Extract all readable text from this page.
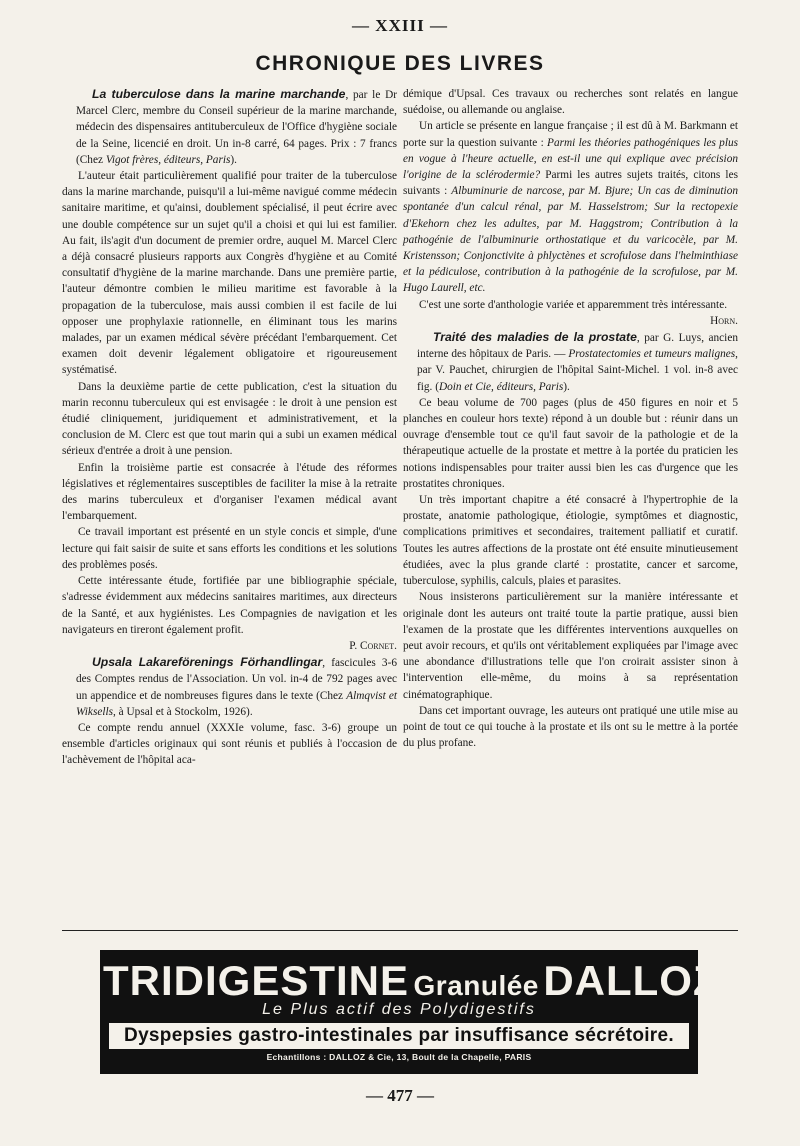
— XXIII —
CHRONIQUE DES LIVRES

La tuberculose dans la marine marchande, par le Dr Marcel Clerc, membre du Conseil supérieur de la marine marchande, médecin des dispensaires antituberculeux de l'Office d'hygiène sociale de la Seine, licencié en droit. Un in-8 carré, 64 pages. Prix : 7 francs (Chez Vigot frères, éditeurs, Paris).

L'auteur était particulièrement qualifié pour traiter de la tuberculose dans la marine marchande, puisqu'il a lui-même navigué comme médecin sanitaire maritime, et qu'ainsi, doublement spécialisé, il peut écrire avec une double compétence sur un sujet qu'il a choisi et qui lui est familier. Au fait, ils'agit d'un document de premier ordre, auquel M. Marcel Clerc a déjà consacré plusieurs rapports aux Congrès d'hygiène et au Comité consultatif d'hygiène de la marine marchande. Dans une première partie, l'auteur démontre combien le milieu maritime est favorable à la propagation de la tuberculose, mais aussi combien il est facile de lui opposer une prophylaxie rationnelle, en éliminant tous les marins malades, par un examen médical sévère précédant l'embarquement. Cet examen doit devenir légalement obligatoire et rigoureusement systématisé.

Dans la deuxième partie de cette publication, c'est la situation du marin reconnu tuberculeux qui est envisagée : le droit à une pension est étudié cliniquement, juridiquement et administrativement, et la conclusion de M. Clerc est que tout marin qui a subi un examen médical sérieux d'entrée a droit à une pension.

Enfin la troisième partie est consacrée à l'étude des réformes législatives et réglementaires susceptibles de faciliter la mise à la retraite des marins tuberculeux et d'organiser l'examen médical avant l'embarquement.

Ce travail important est présenté en un style concis et simple, d'une lecture qui fait saisir de suite et sans efforts les conditions et les solutions des problèmes posés.

Cette intéressante étude, fortifiée par une bibliographie spéciale, s'adresse évidemment aux médecins sanitaires maritimes, aux directeurs de la Santé, et aux hygiénistes. Les Compagnies de navigation et les navigateurs en tireront également profit.

P. Cornet.

Upsala Lakareförenings Förhandlingar, fascicules 3-6 des Comptes rendus de l'Association. Un vol. in-4 de 792 pages avec un appendice et de nombreuses figures dans le texte (Chez Almqvist et Wiksells, à Upsal et à Stockolm, 1926).

Ce compte rendu annuel (XXXIe volume, fasc. 3-6) groupe un ensemble d'articles originaux qui sont réunis et publiés à l'occasion de l'achèvement de l'hôpital aca-

démique d'Upsal. Ces travaux ou recherches sont relatés en langue suédoise, ou allemande ou anglaise.

Un article se présente en langue française ; il est dû à M. Barkmann et porte sur la question suivante : Parmi les théories pathogéniques les plus en vogue à l'heure actuelle, en est-il une qui explique avec précision l'origine de la sclérodermie? Parmi les autres sujets traités, citons les suivants : Albuminurie de narcose, par M. Bjure; Un cas de diminution spontanée d'un calcul rénal, par M. Hasselstrom; Sur la rectopexie d'Ekehorn chez les adultes, par M. Haggstrom; Contribution à la pathogénie de l'albuminurie orthostatique et du varicocèle, par M. Kristensson; Conjonctivite à phlyctènes et scrofulose dans l'helminthiase et la pédiculose, contribution à la pathogénie de la scrofulose, par M. Hugo Laurell, etc.

C'est une sorte d'anthologie variée et apparemment très intéressante.

Horn.

Traité des maladies de la prostate, par G. Luys, ancien interne des hôpitaux de Paris. — Prostatectomies et tumeurs malignes, par V. Pauchet, chirurgien de l'hôpital Saint-Michel. 1 vol. in-8 avec fig. (Doin et Cie, éditeurs, Paris).

Ce beau volume de 700 pages (plus de 450 figures en noir et 5 planches en couleur hors texte) répond à un double but : réunir dans un ouvrage d'ensemble tout ce qu'il faut savoir de la pathologie et de la thérapeutique actuelle de la prostate et mettre à la portée du praticien les notions indispensables pour traiter aussi bien les cas d'urgence que les prostatites chroniques.

Un très important chapitre a été consacré à l'hypertrophie de la prostate, anatomie pathologique, étiologie, symptômes et diagnostic, complications primitives et secondaires, traitement palliatif et curatif. Toutes les autres affections de la prostate ont été ensuite minutieusement étudiées, avec la plus grande clarté : prostatite, cancer et sarcome, tuberculose, syphilis, calculs, plaies et parasites.

Nous insisterons particulièrement sur la manière intéressante et originale dont les auteurs ont traité toute la partie pratique, aussi bien l'examen de la prostate que les différentes interventions auxquelles on peut avoir recours, et qu'ils ont véritablement expliquées par l'image avec une abondance d'illustrations telle que l'on croirait assister sinon à l'intervention elle-même, du moins à sa représentation cinématographique.

Dans cet important ouvrage, les auteurs ont pratiqué une utile mise au point de tout ce qui touche à la prostate et ils ont su le mettre à la portée du plus profane.

TRIDIGESTINE Granulée DALLOZ
Le Plus actif des Polydigestifs
Dyspepsies gastro-intestinales par insuffisance sécrétoire.
Echantillons : DALLOZ & Cie, 13, Boult de la Chapelle, PARIS
— 477 —
